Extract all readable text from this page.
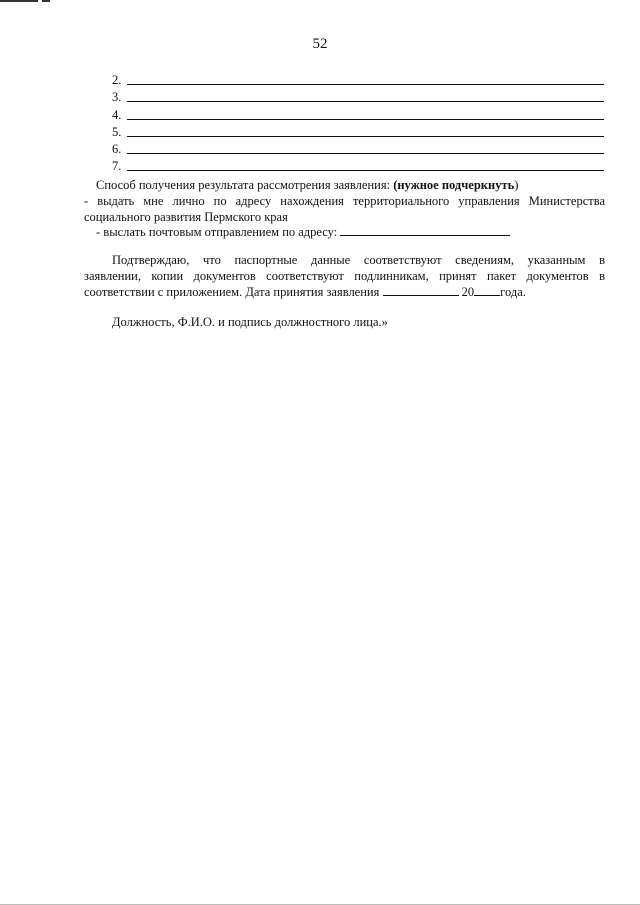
52
2.
3.
4.
5.
6.
7.

Способ получения результата рассмотрения заявления: (нужное подчеркнуть)

- выдать мне лично по адресу нахождения территориального управления Министерства
социального развития Пермского края

- выслать почтовым отправлением по адресу:

Подтверждаю, что паспортные данные соответствуют сведениям, указанным в
заявлении, копии документов соответствуют подлинникам, принят пакет документов в
соответствии с приложением. Дата принятия заявления	20 года.

Должность, Ф.И.О. и подпись должностного лица.»
